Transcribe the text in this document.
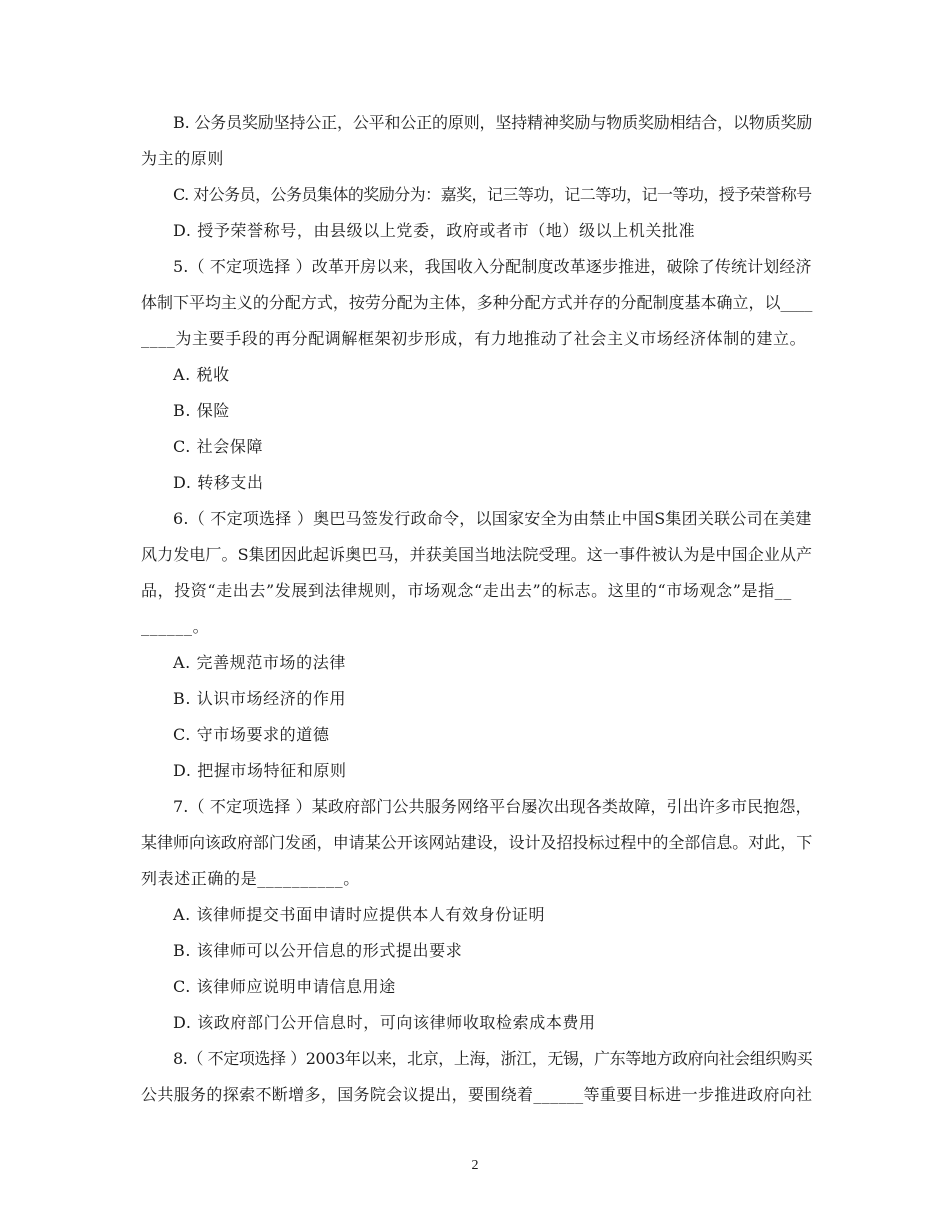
B. 公务员奖励坚持公正，公平和公正的原则，坚持精神奖励与物质奖励相结合，以物质奖励
为主的原则
C. 对公务员，公务员集体的奖励分为：嘉奖，记三等功，记二等功，记一等功，授予荣誉称号
D. 授予荣誉称号，由县级以上党委，政府或者市（地）级以上机关批准
5.（ 不定项选择 ）改革开房以来，我国收入分配制度改革逐步推进，破除了传统计划经济
体制下平均主义的分配方式，按劳分配为主体，多种分配方式并存的分配制度基本确立，以____
____为主要手段的再分配调解框架初步形成，有力地推动了社会主义市场经济体制的建立。
A. 税收
B. 保险
C. 社会保障
D. 转移支出
6.（ 不定项选择 ）奥巴马签发行政命令，以国家安全为由禁止中国S集团关联公司在美建
风力发电厂。S集团因此起诉奥巴马，并获美国当地法院受理。这一事件被认为是中国企业从产
品，投资“走出去”发展到法律规则，市场观念“走出去”的标志。这里的“市场观念”是指__
______。
A. 完善规范市场的法律
B. 认识市场经济的作用
C. 守市场要求的道德
D. 把握市场特征和原则
7.（ 不定项选择 ）某政府部门公共服务网络平台屡次出现各类故障，引出许多市民抱怨，
某律师向该政府部门发函，申请某公开该网站建设，设计及招投标过程中的全部信息。对此，下
列表述正确的是__________。
A. 该律师提交书面申请时应提供本人有效身份证明
B. 该律师可以公开信息的形式提出要求
C. 该律师应说明申请信息用途
D. 该政府部门公开信息时，可向该律师收取检索成本费用
8.（ 不定项选择 ）2003年以来，北京，上海，浙江，无锡，广东等地方政府向社会组织购买
公共服务的探索不断增多，国务院会议提出，要围绕着______等重要目标进一步推进政府向社
2
